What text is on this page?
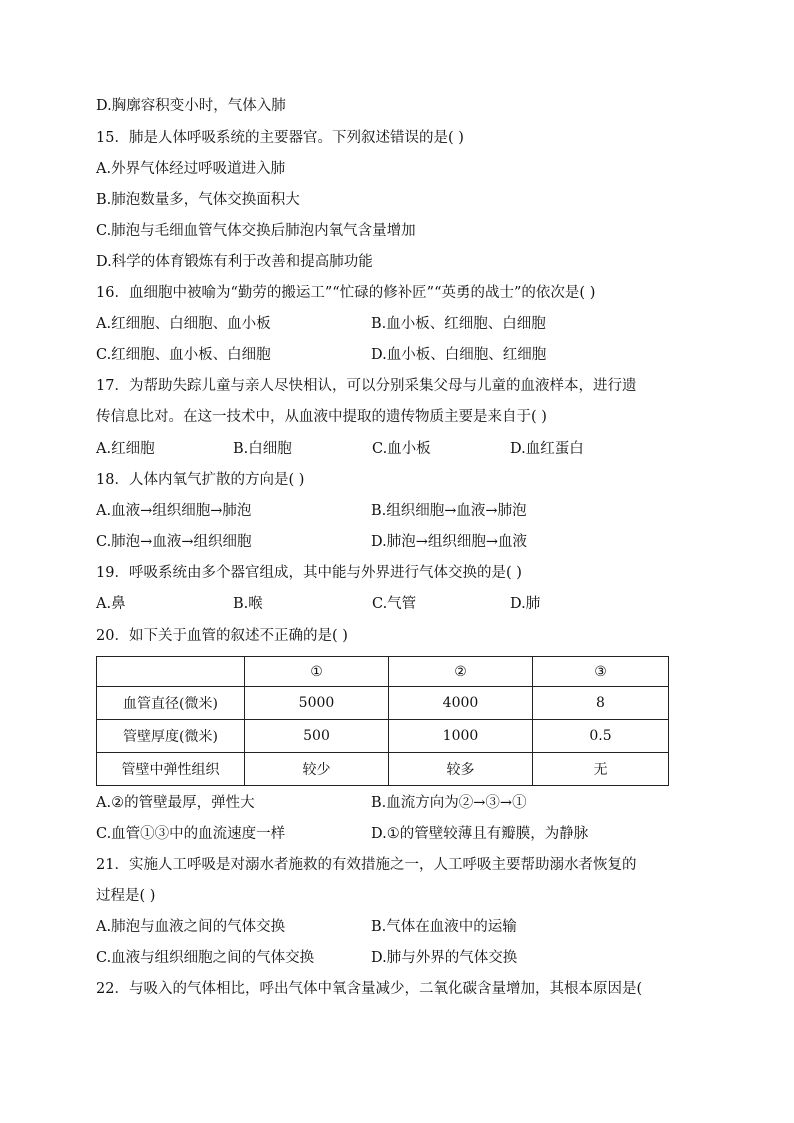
D.胸廓容积变小时，气体入肺
15．肺是人体呼吸系统的主要器官。下列叙述错误的是( )
A.外界气体经过呼吸道进入肺
B.肺泡数量多，气体交换面积大
C.肺泡与毛细血管气体交换后肺泡内氧气含量增加
D.科学的体育锻炼有利于改善和提高肺功能
16．血细胞中被喻为“勤劳的搬运工”“忙碌的修补匠”“英勇的战士”的依次是( )
A.红细胞、白细胞、血小板	B.血小板、红细胞、白细胞
C.红细胞、血小板、白细胞	D.血小板、白细胞、红细胞
17．为帮助失踪儿童与亲人尽快相认，可以分别采集父母与儿童的血液样本，进行遗
传信息比对。在这一技术中，从血液中提取的遗传物质主要是来自于( )
A.红细胞	B.白细胞	C.血小板	D.血红蛋白
18．人体内氧气扩散的方向是( )
A.血液→组织细胞→肺泡	B.组织细胞→血液→肺泡
C.肺泡→血液→组织细胞	D.肺泡→组织细胞→血液
19．呼吸系统由多个器官组成，其中能与外界进行气体交换的是( )
A.鼻	B.喉	C.气管	D.肺
20．如下关于血管的叙述不正确的是( )
	①	②	③
血管直径(微米)	5000	4000	8
管壁厚度(微米)	500	1000	0.5
管壁中弹性组织	较少	较多	无
A.②的管壁最厚，弹性大	B.血流方向为②→③→①
C.血管①③中的血流速度一样	D.①的管壁较薄且有瓣膜，为静脉
21．实施人工呼吸是对溺水者施救的有效措施之一，人工呼吸主要帮助溺水者恢复的
过程是( )
A.肺泡与血液之间的气体交换	B.气体在血液中的运输
C.血液与组织细胞之间的气体交换	D.肺与外界的气体交换
22．与吸入的气体相比，呼出气体中氧含量减少，二氧化碳含量增加，其根本原因是(
